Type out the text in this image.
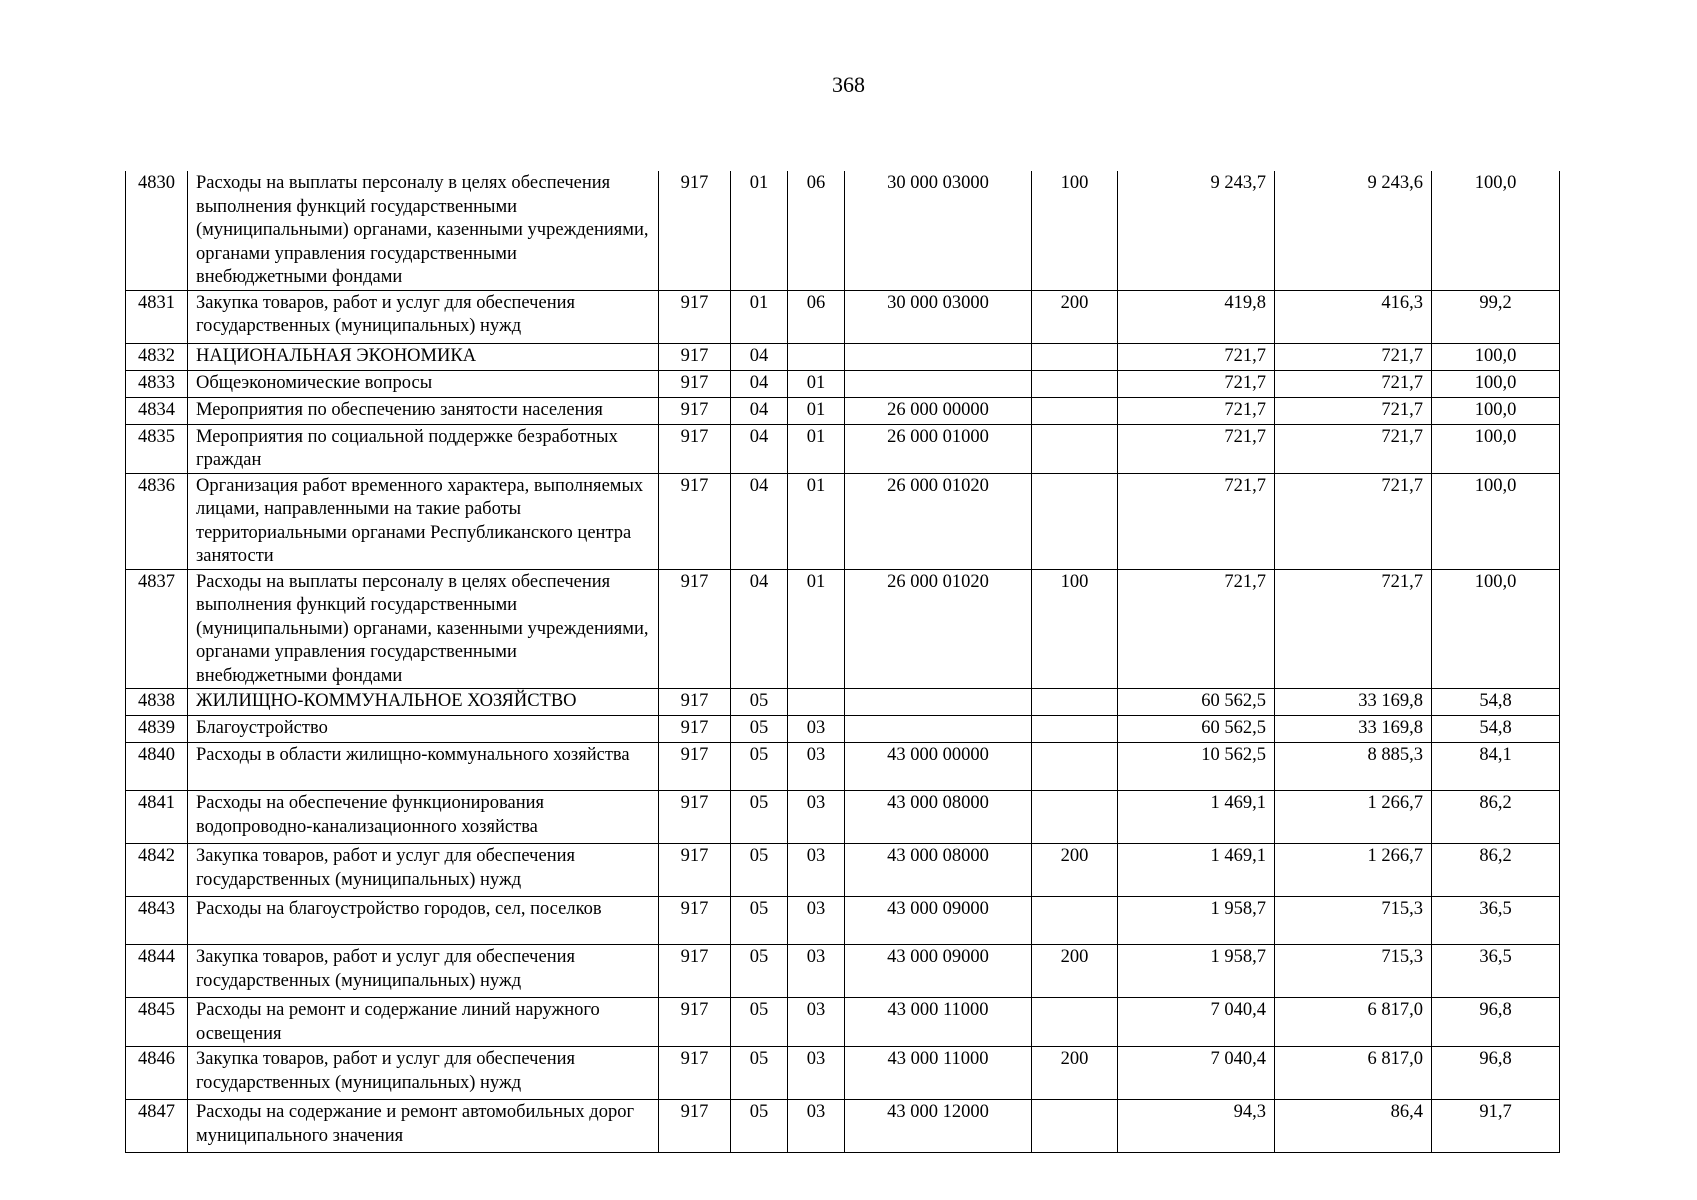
368
4830	Расходы на выплаты персоналу в целях обеспечения выполнения функций государственными (муниципальными) органами, казенными учреждениями, органами управления государственными внебюджетными фондами	917	01	06	30 000 03000	100	9 243,7	9 243,6	100,0
4831	Закупка товаров, работ и услуг для обеспечения государственных (муниципальных) нужд	917	01	06	30 000 03000	200	419,8	416,3	99,2
4832	НАЦИОНАЛЬНАЯ ЭКОНОМИКА	917	04				721,7	721,7	100,0
4833	Общеэкономические вопросы	917	04	01			721,7	721,7	100,0
4834	Мероприятия по обеспечению занятости населения	917	04	01	26 000 00000		721,7	721,7	100,0
4835	Мероприятия по социальной поддержке безработных граждан	917	04	01	26 000 01000		721,7	721,7	100,0
4836	Организация работ временного характера, выполняемых лицами, направленными на такие работы территориальными органами Республиканского центра занятости	917	04	01	26 000 01020		721,7	721,7	100,0
4837	Расходы на выплаты персоналу в целях обеспечения выполнения функций государственными (муниципальными) органами, казенными учреждениями, органами управления государственными внебюджетными фондами	917	04	01	26 000 01020	100	721,7	721,7	100,0
4838	ЖИЛИЩНО-КОММУНАЛЬНОЕ ХОЗЯЙСТВО	917	05				60 562,5	33 169,8	54,8
4839	Благоустройство	917	05	03			60 562,5	33 169,8	54,8
4840	Расходы в области жилищно-коммунального хозяйства	917	05	03	43 000 00000		10 562,5	8 885,3	84,1
4841	Расходы на обеспечение функционирования водопроводно-канализационного хозяйства	917	05	03	43 000 08000		1 469,1	1 266,7	86,2
4842	Закупка товаров, работ и услуг для обеспечения государственных (муниципальных) нужд	917	05	03	43 000 08000	200	1 469,1	1 266,7	86,2
4843	Расходы на благоустройство городов, сел, поселков	917	05	03	43 000 09000		1 958,7	715,3	36,5
4844	Закупка товаров, работ и услуг для обеспечения государственных (муниципальных) нужд	917	05	03	43 000 09000	200	1 958,7	715,3	36,5
4845	Расходы на ремонт и содержание линий наружного освещения	917	05	03	43 000 11000		7 040,4	6 817,0	96,8
4846	Закупка товаров, работ и услуг для обеспечения государственных (муниципальных) нужд	917	05	03	43 000 11000	200	7 040,4	6 817,0	96,8
4847	Расходы на содержание и ремонт автомобильных дорог муниципального значения	917	05	03	43 000 12000		94,3	86,4	91,7
